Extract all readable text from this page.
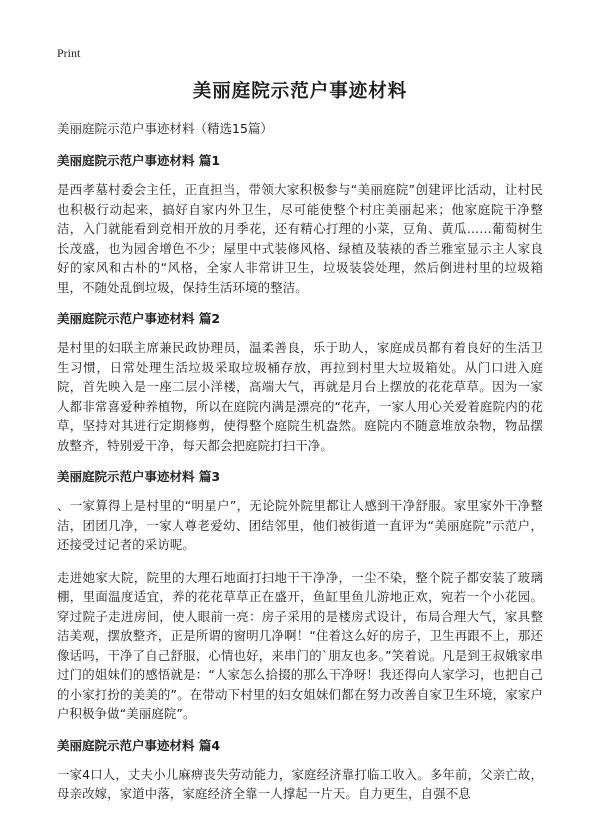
Print
美丽庭院示范户事迹材料
美丽庭院示范户事迹材料（精选15篇）
美丽庭院示范户事迹材料 篇1
是西孝墓村委会主任，正直担当，带领大家积极参与“美丽庭院”创建评比活动，让村民也积极行动起来，搞好自家内外卫生，尽可能使整个村庄美丽起来；他家庭院干净整洁，入门就能看到竞相开放的月季花，还有精心打理的小菜，豆角、黄瓜……葡萄树生长茂盛，也为园舍增色不少；屋里中式装修风格、绿植及装裱的香兰雅室显示主人家良好的家风和古朴的“风格，全家人非常讲卫生，垃圾装袋处理，然后倒进村里的垃圾箱里，不随处乱倒垃圾，保持生活环境的整洁。
美丽庭院示范户事迹材料 篇2
是村里的妇联主席兼民政协理员，温柔善良，乐于助人，家庭成员都有着良好的生活卫生习惯，日常处理生活垃圾采取垃圾桶存放，再拉到村里大垃圾箱处。从门口进入庭院，首先映入是一座二层小洋楼，高端大气，再就是月台上摆放的花花草草。因为一家人都非常喜爱种养植物，所以在庭院内满是漂亮的“花卉，一家人用心关爱着庭院内的花草，坚持对其进行定期修剪，使得整个庭院生机盎然。庭院内不随意堆放杂物，物品摆放整齐，特别爱干净，每天都会把庭院打扫干净。
美丽庭院示范户事迹材料 篇3
、一家算得上是村里的“明星户”，无论院外院里都让人感到干净舒服。家里家外干净整洁，团团几净，一家人尊老爱幼、团结邻里，他们被街道一直评为“美丽庭院”示范户，还接受过记者的采访呢。
走进她家大院，院里的大理石地面打扫地干干净净，一尘不染，整个院子都安装了玻璃棚，里面温度适宜，养的花花草草正在盛开，鱼缸里鱼儿游地正欢，宛若一个小花园。穿过院子走进房间，使人眼前一亮：房子采用的是楼房式设计，布局合理大气，家具整洁美观，摆放整齐，正是所谓的窗明几净啊！“住着这么好的房子，卫生再跟不上，那还像话吗，干净了自己舒服，心情也好，来串门的`朋友也多。”笑着说。凡是到王叔娥家串过门的姐妹们的感悟就是：“人家怎么拾掇的那么干净呀！我还得向人家学习，也把自己的小家打扮的美美的”。在带动下村里的妇女姐妹们都在努力改善自家卫生环境，家家户户积极争做“美丽庭院”。
美丽庭院示范户事迹材料 篇4
一家4口人，丈夫小儿麻痹丧失劳动能力，家庭经济靠打临工收入。多年前，父亲亡故，母亲改嫁，家道中落，家庭经济全靠一人撑起一片天。自力更生，自强不息
